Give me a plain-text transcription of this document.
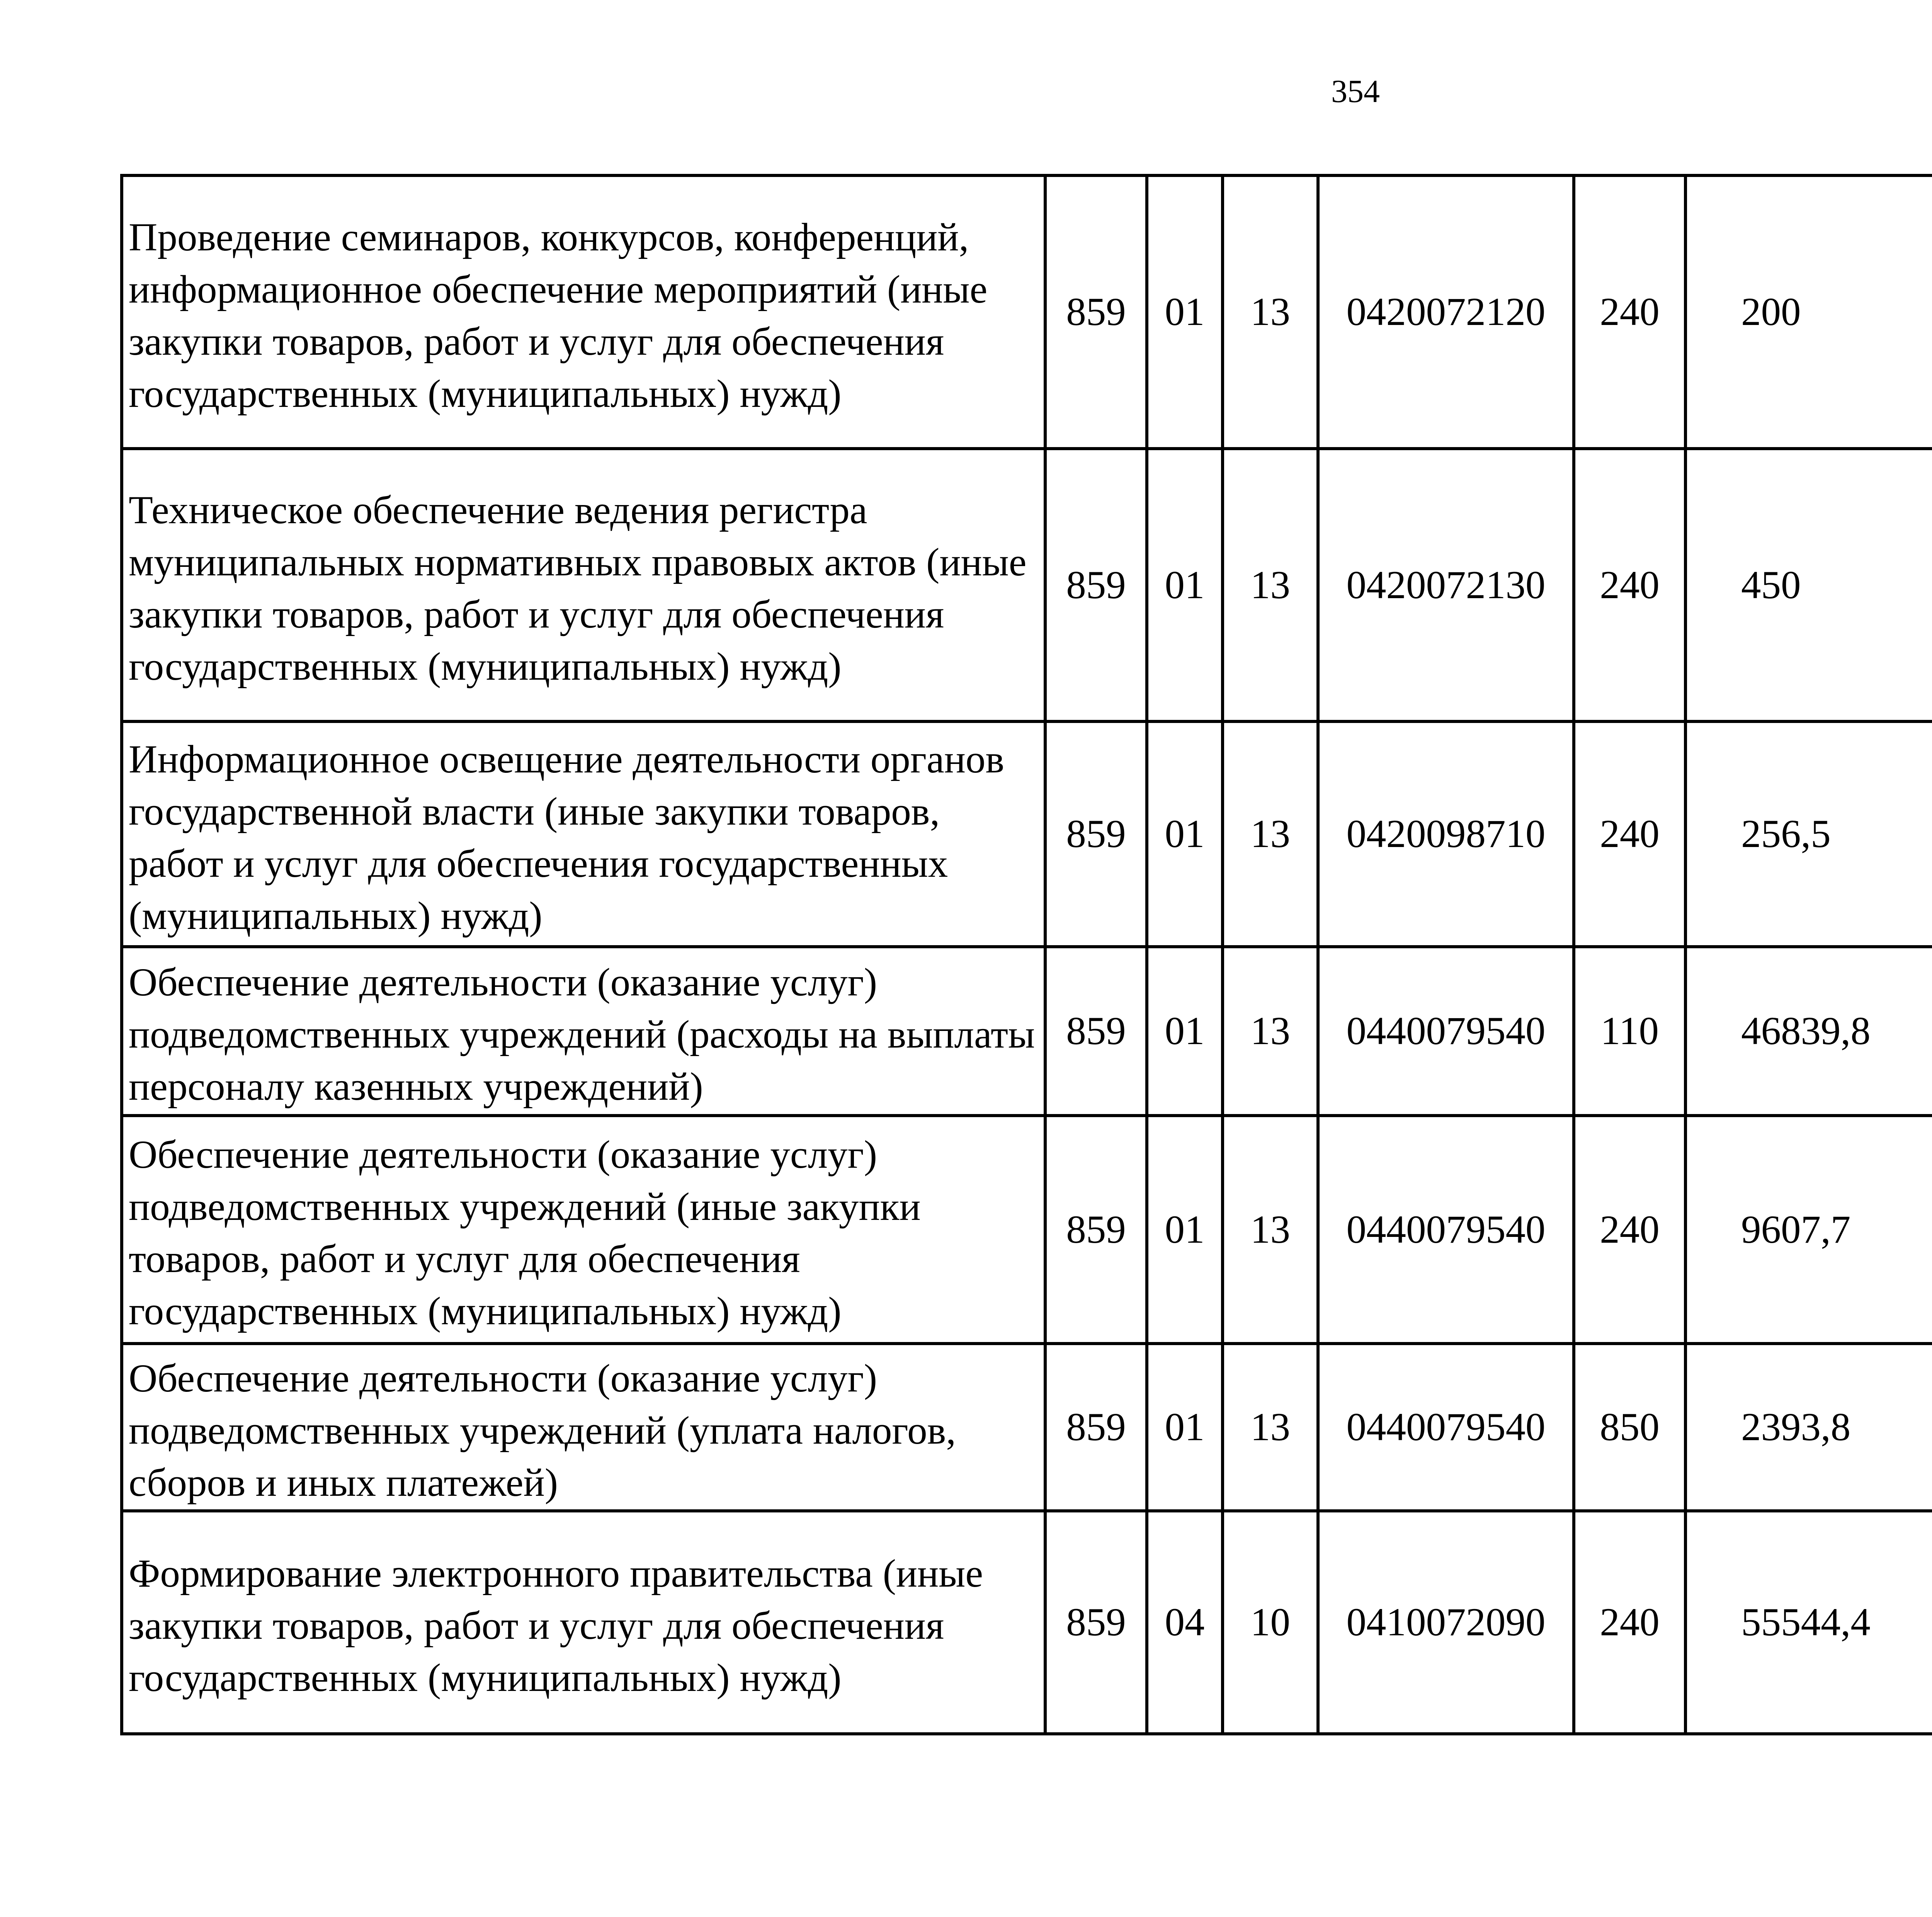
354
Проведение семинаров, конкурсов, конференций, информационное обеспечение мероприятий (иные закупки товаров, работ и услуг для обеспечения государственных (муниципальных) нужд)	859	01	13	0420072120	240	200		
Техническое обеспечение ведения регистра муниципальных нормативных правовых актов (иные закупки товаров, работ и услуг для обеспечения государственных (муниципальных) нужд)	859	01	13	0420072130	240	450		
Информационное освещение деятельности органов государственной власти (иные закупки товаров, работ и услуг для обеспечения государственных (муниципальных) нужд)	859	01	13	0420098710	240	256,5		
Обеспечение деятельности (оказание услуг) подведомственных учреждений (расходы на выплаты персоналу казенных учреждений)	859	01	13	0440079540	110	46839,8		
Обеспечение деятельности (оказание услуг) подведомственных учреждений (иные закупки товаров, работ и услуг для обеспечения государственных (муниципальных) нужд)	859	01	13	0440079540	240	9607,7		
Обеспечение деятельности (оказание услуг) подведомственных учреждений (уплата налогов, сборов и иных платежей)	859	01	13	0440079540	850	2393,8		
Формирование электронного правительства (иные закупки товаров, работ и услуг для обеспечения государственных (муниципальных) нужд)	859	04	10	0410072090	240	55544,4		
